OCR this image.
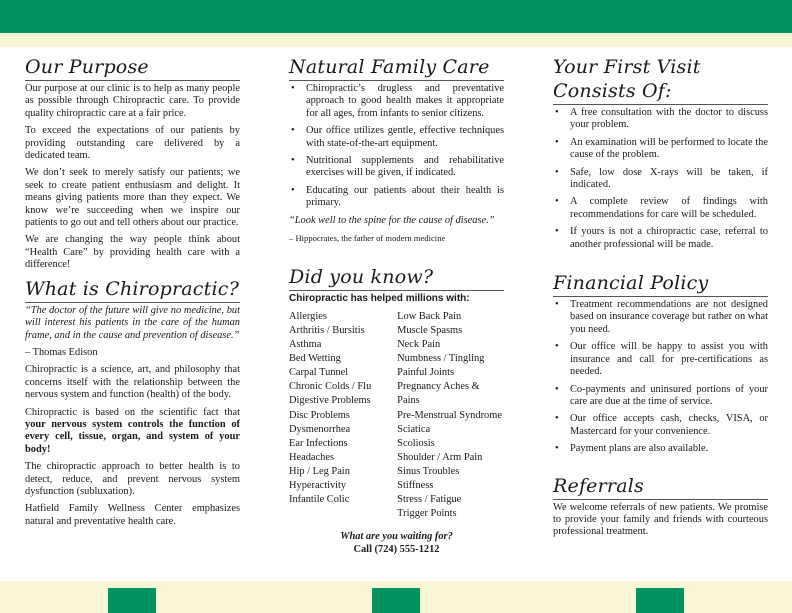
Our Purpose

Our purpose at our clinic is to help as many people as possible through Chiropractic care. To provide quality chiropractic care at a fair price.

To exceed the expectations of our patients by providing outstanding care delivered by a dedicated team.

We don’t seek to merely satisfy our patients; we seek to create patient enthusiasm and delight. It means giving patients more than they expect. We know we’re succeeding when we inspire our patients to go out and tell others about our practice.

We are changing the way people think about “Health Care” by providing health care with a difference!

What is Chiropractic?

“The doctor of the future will give no medicine, but will interest his patients in the care of the human frame, and in the cause and prevention of disease.”

– Thomas Edison

Chiropractic is a science, art, and philosophy that concerns itself with the relationship between the nervous system and function (health) of the body.

Chiropractic is based on the scientific fact that your nervous system controls the function of every cell, tissue, organ, and system of your body!

The chiropractic approach to better health is to detect, reduce, and prevent nervous system dysfunction (subluxation).

Hatfield Family Wellness Center emphasizes natural and preventative health care.

Natural Family Care
• Chiropractic’s drugless and preventative approach to good health makes it appropriate for all ages, from infants to senior citizens.
• Our office utilizes gentle, effective techniques with state-of-the-art equipment.
• Nutritional supplements and rehabilitative exercises will be given, if indicated.
• Educating our patients about their health is primary.

“Look well to the spine for the cause of disease.”

– Hippocrates, the father of modern medicine

Did you know?
Chiropractic has helped millions with:
Allergies
Arthritis / Bursitis
Asthma
Bed Wetting
Carpal Tunnel
Chronic Colds / Flu
Digestive Problems
Disc Problems
Dysmenorrhea
Ear Infections
Headaches
Hip / Leg Pain
Hyperactivity
Infantile Colic
Low Back Pain
Muscle Spasms
Neck Pain
Numbness / Tingling
Painful Joints
Pregnancy Aches & Pains
Pre-Menstrual Syndrome
Sciatica
Scoliosis
Shoulder / Arm Pain
Sinus Troubles
Stiffness
Stress / Fatigue
Trigger Points
What are you waiting for?
Call (724) 555-1212
Your First Visit Consists Of:
• A free consultation with the doctor to discuss your problem.
• An examination will be performed to locate the cause of the problem.
• Safe, low dose X-rays will be taken, if indicated.
• A complete review of findings with recommendations for care will be scheduled.
• If yours is not a chiropractic case, referral to another professional will be made.
Financial Policy
• Treatment recommendations are not designed based on insurance coverage but rather on what you need.
• Our office will be happy to assist you with insurance and call for pre-certifications as needed.
• Co-payments and uninsured portions of your care are due at the time of service.
• Our office accepts cash, checks, VISA, or Mastercard for your convenience.
• Payment plans are also available.
Referrals

We welcome referrals of new patients. We promise to provide your family and friends with courteous professional treatment.
